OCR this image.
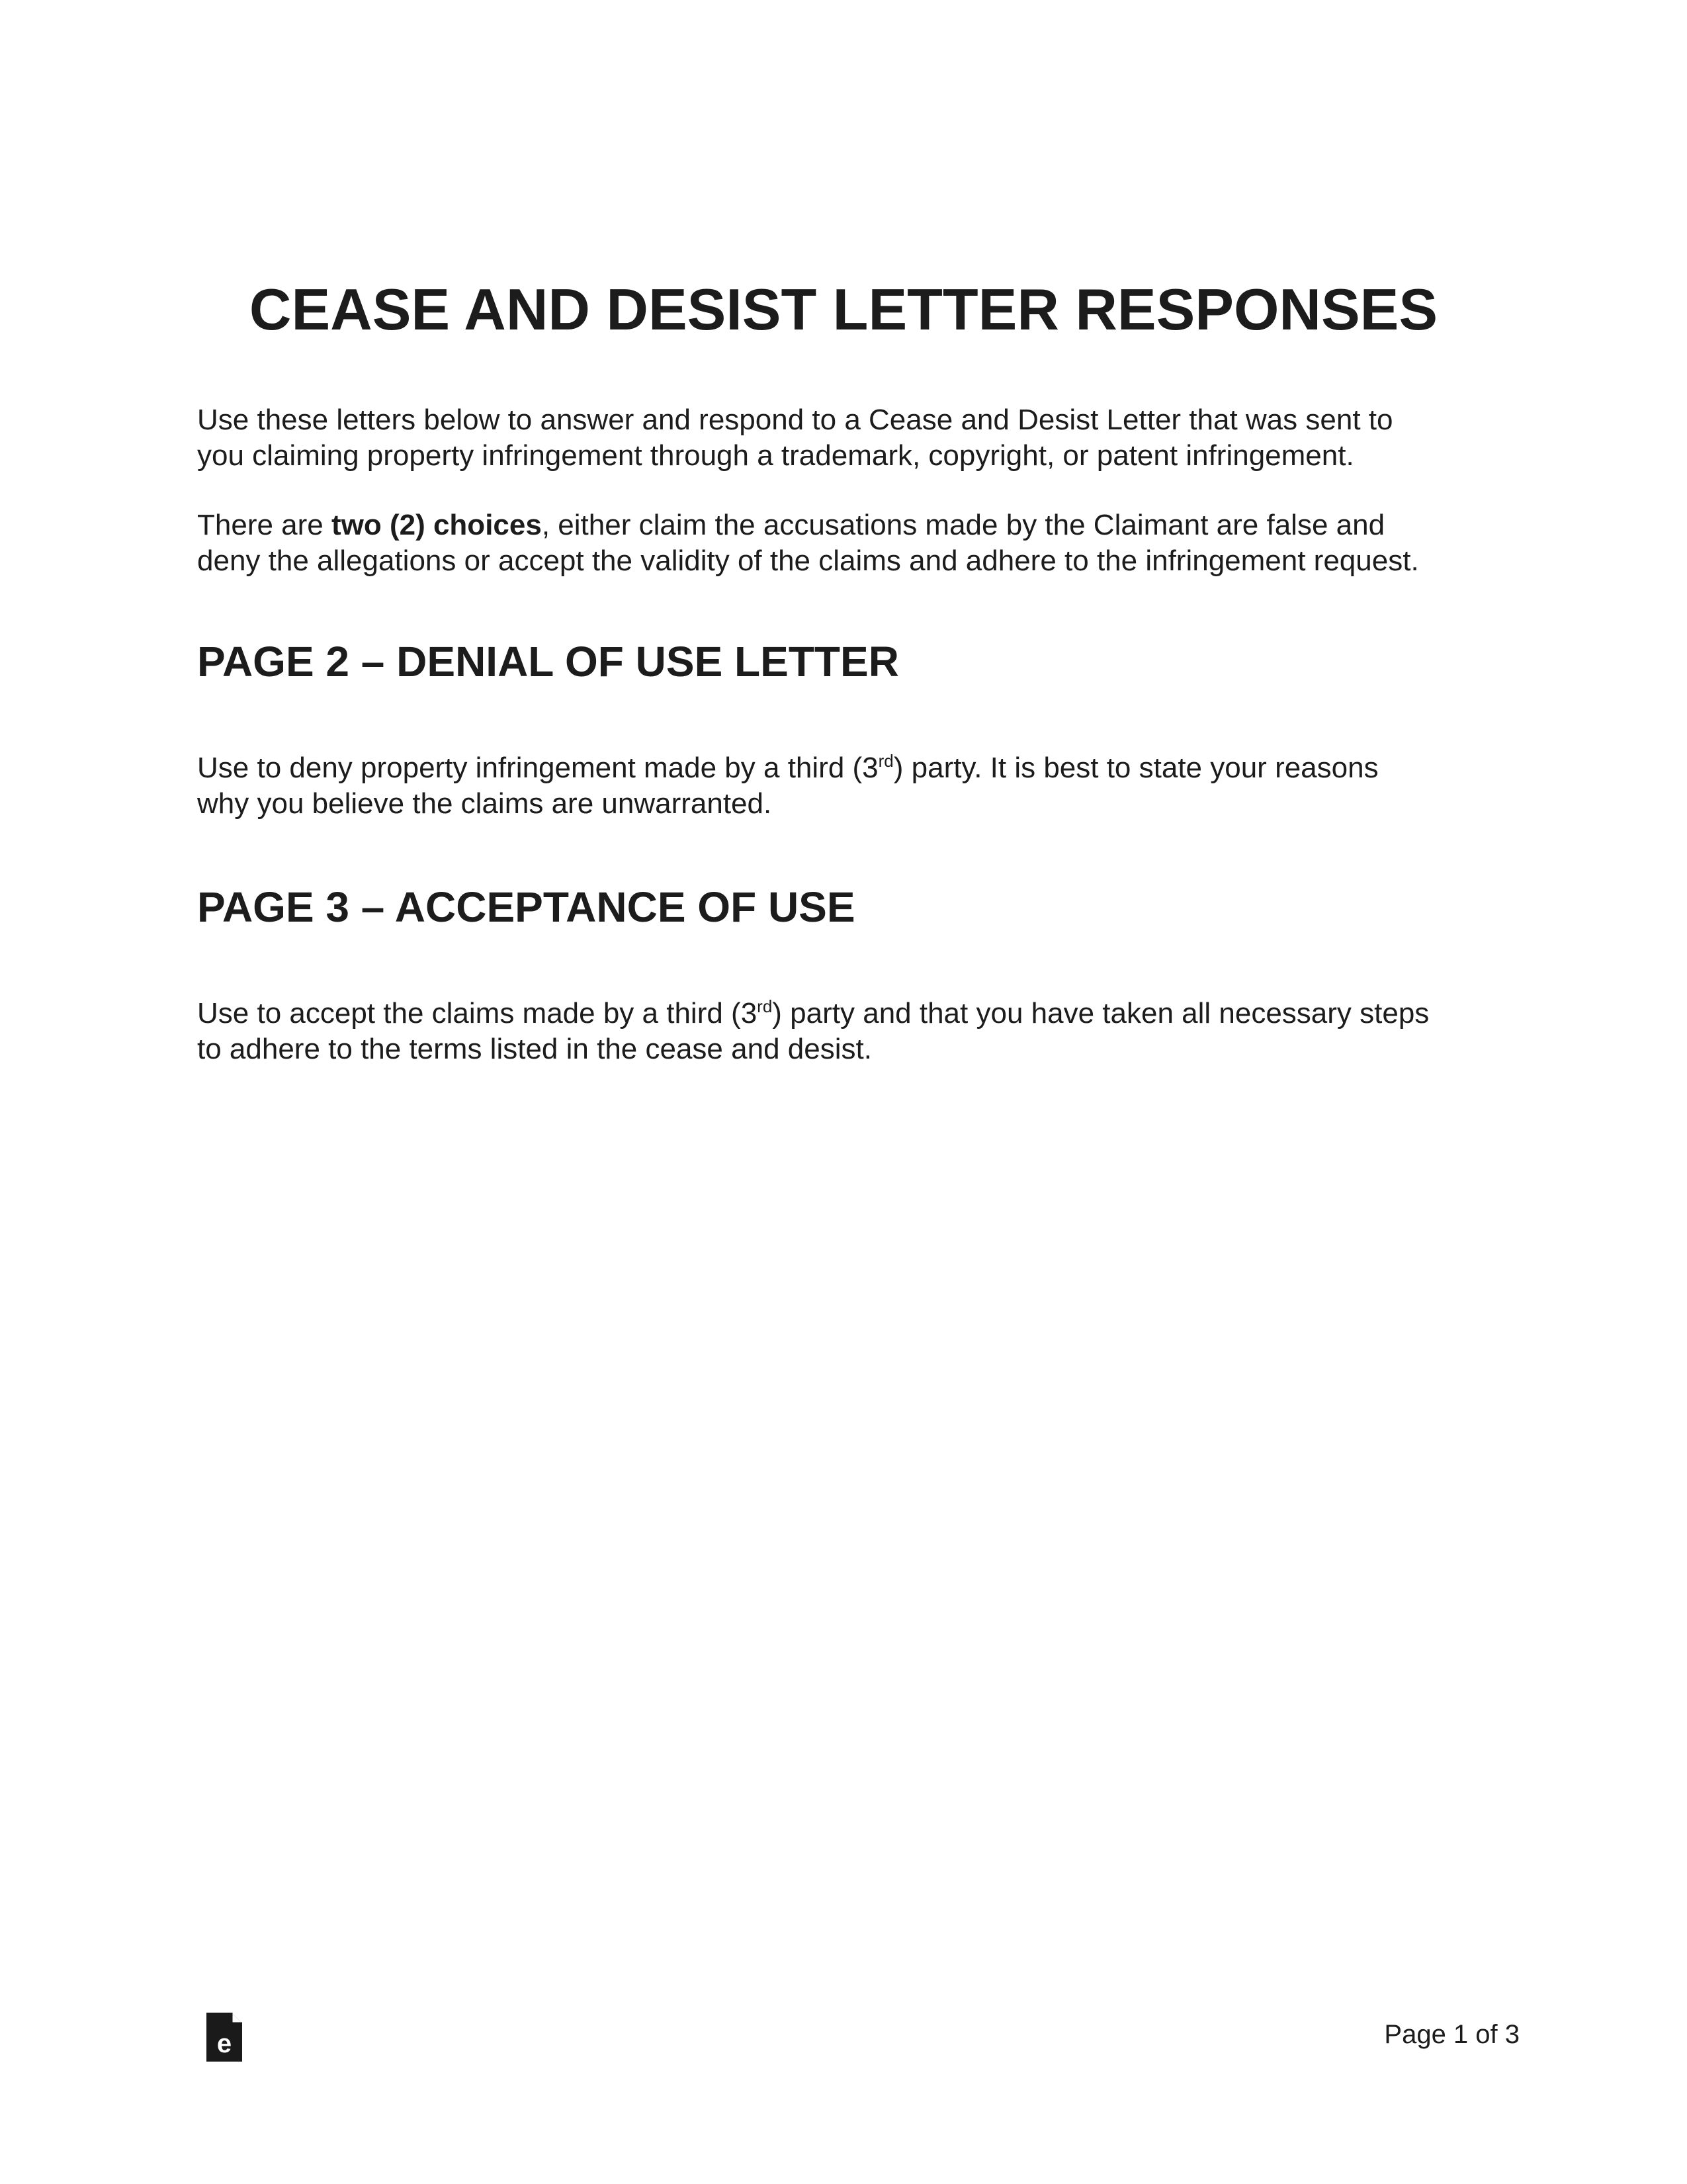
CEASE AND DESIST LETTER RESPONSES

Use these letters below to answer and respond to a Cease and Desist Letter that was sent to
you claiming property infringement through a trademark, copyright, or patent infringement.

There are two (2) choices, either claim the accusations made by the Claimant are false and
deny the allegations or accept the validity of the claims and adhere to the infringement request.

PAGE 2 – DENIAL OF USE LETTER

Use to deny property infringement made by a third (3rd) party. It is best to state your reasons
why you believe the claims are unwarranted.

PAGE 3 – ACCEPTANCE OF USE

Use to accept the claims made by a third (3rd) party and that you have taken all necessary steps
to adhere to the terms listed in the cease and desist.

e	Page 1 of 3
